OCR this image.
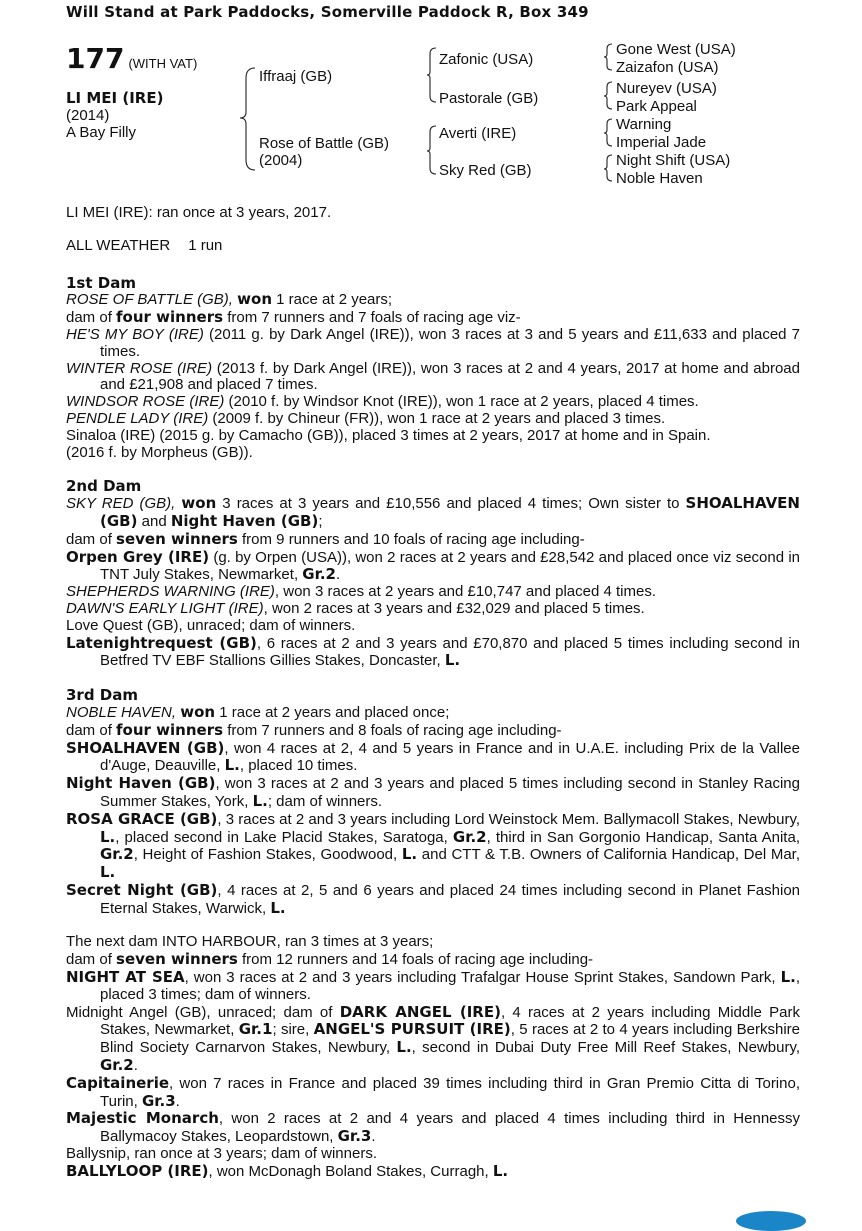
Will Stand at Park Paddocks, Somerville Paddock R, Box 349
177 (WITH VAT)
LI MEI (IRE)
(2014)
A Bay Filly
Iffraaj (GB)
Rose of Battle (GB)
(2004)
Zafonic (USA)
Pastorale (GB)
Averti (IRE)
Sky Red (GB)
Gone West (USA)
Zaizafon (USA)
Nureyev (USA)
Park Appeal
Warning
Imperial Jade
Night Shift (USA)
Noble Haven

LI MEI (IRE): ran once at 3 years, 2017.

ALL WEATHER 1 run

1st Dam

ROSE OF BATTLE (GB), won 1 race at 2 years;

dam of four winners from 7 runners and 7 foals of racing age viz-

HE'S MY BOY (IRE) (2011 g. by Dark Angel (IRE)), won 3 races at 3 and 5 years and £11,633 and placed 7 times.

WINTER ROSE (IRE) (2013 f. by Dark Angel (IRE)), won 3 races at 2 and 4 years, 2017 at home and abroad and £21,908 and placed 7 times.

WINDSOR ROSE (IRE) (2010 f. by Windsor Knot (IRE)), won 1 race at 2 years, placed 4 times.

PENDLE LADY (IRE) (2009 f. by Chineur (FR)), won 1 race at 2 years and placed 3 times.

Sinaloa (IRE) (2015 g. by Camacho (GB)), placed 3 times at 2 years, 2017 at home and in Spain.

(2016 f. by Morpheus (GB)).

2nd Dam

SKY RED (GB), won 3 races at 3 years and £10,556 and placed 4 times; Own sister to SHOALHAVEN (GB) and Night Haven (GB);

dam of seven winners from 9 runners and 10 foals of racing age including-

Orpen Grey (IRE) (g. by Orpen (USA)), won 2 races at 2 years and £28,542 and placed once viz second in TNT July Stakes, Newmarket, Gr.2.

SHEPHERDS WARNING (IRE), won 3 races at 2 years and £10,747 and placed 4 times.

DAWN'S EARLY LIGHT (IRE), won 2 races at 3 years and £32,029 and placed 5 times.

Love Quest (GB), unraced; dam of winners.

Latenightrequest (GB), 6 races at 2 and 3 years and £70,870 and placed 5 times including second in Betfred TV EBF Stallions Gillies Stakes, Doncaster, L.

3rd Dam

NOBLE HAVEN, won 1 race at 2 years and placed once;

dam of four winners from 7 runners and 8 foals of racing age including-

SHOALHAVEN (GB), won 4 races at 2, 4 and 5 years in France and in U.A.E. including Prix de la Vallee d'Auge, Deauville, L., placed 10 times.

Night Haven (GB), won 3 races at 2 and 3 years and placed 5 times including second in Stanley Racing Summer Stakes, York, L.; dam of winners.

ROSA GRACE (GB), 3 races at 2 and 3 years including Lord Weinstock Mem. Ballymacoll Stakes, Newbury, L., placed second in Lake Placid Stakes, Saratoga, Gr.2, third in San Gorgonio Handicap, Santa Anita, Gr.2, Height of Fashion Stakes, Goodwood, L. and CTT & T.B. Owners of California Handicap, Del Mar, L.

Secret Night (GB), 4 races at 2, 5 and 6 years and placed 24 times including second in Planet Fashion Eternal Stakes, Warwick, L.

The next dam INTO HARBOUR, ran 3 times at 3 years;

dam of seven winners from 12 runners and 14 foals of racing age including-

NIGHT AT SEA, won 3 races at 2 and 3 years including Trafalgar House Sprint Stakes, Sandown Park, L., placed 3 times; dam of winners.

Midnight Angel (GB), unraced; dam of DARK ANGEL (IRE), 4 races at 2 years including Middle Park Stakes, Newmarket, Gr.1; sire, ANGEL'S PURSUIT (IRE), 5 races at 2 to 4 years including Berkshire Blind Society Carnarvon Stakes, Newbury, L., second in Dubai Duty Free Mill Reef Stakes, Newbury, Gr.2.

Capitainerie, won 7 races in France and placed 39 times including third in Gran Premio Citta di Torino, Turin, Gr.3.

Majestic Monarch, won 2 races at 2 and 4 years and placed 4 times including third in Hennessy Ballymacoy Stakes, Leopardstown, Gr.3.

Ballysnip, ran once at 3 years; dam of winners.

BALLYLOOP (IRE), won McDonagh Boland Stakes, Curragh, L.
